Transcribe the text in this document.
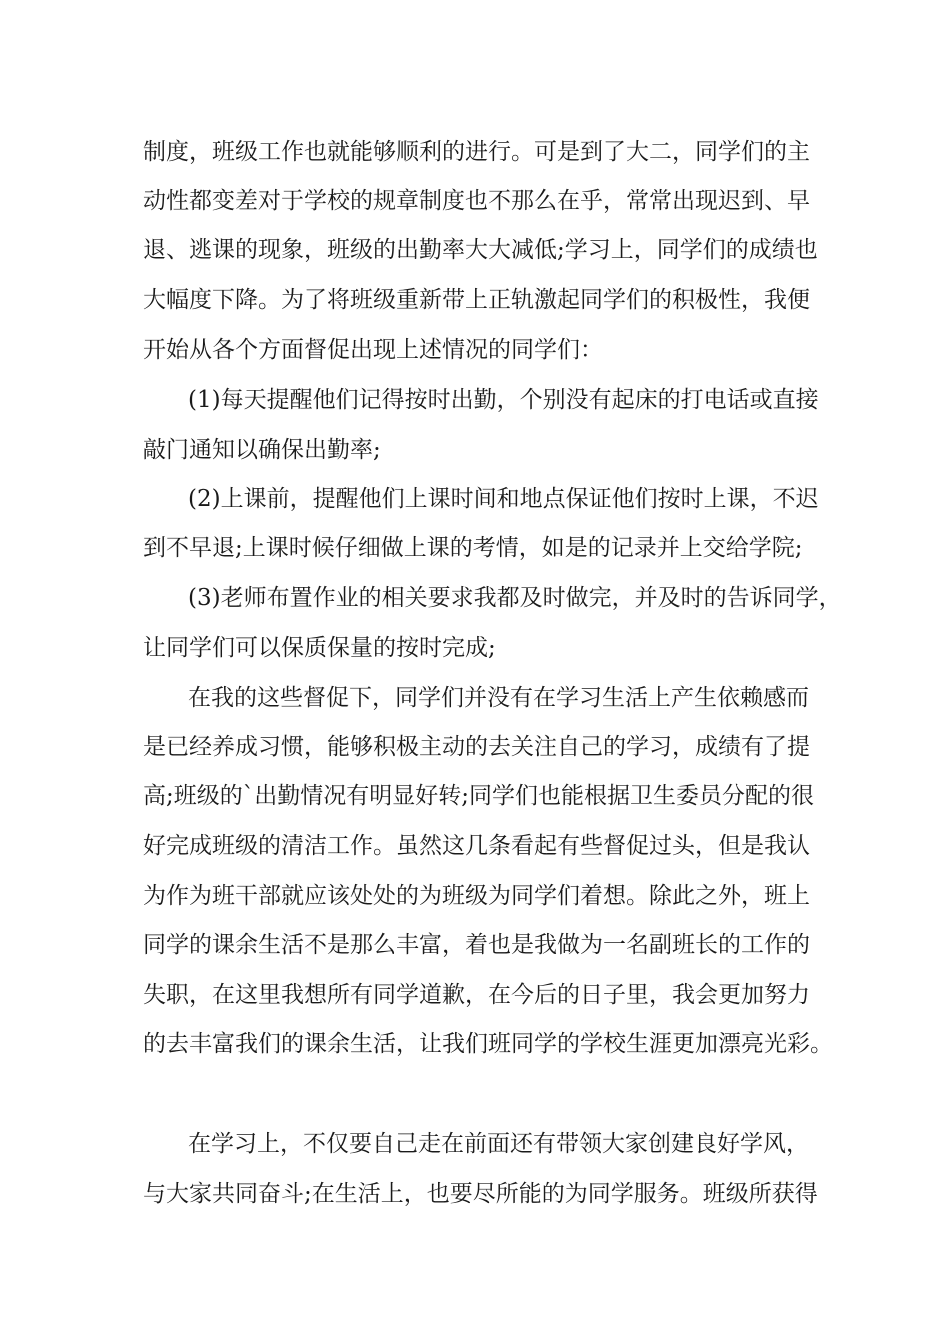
制度，班级工作也就能够顺利的进行。可是到了大二，同学们的主
动性都变差对于学校的规章制度也不那么在乎，常常出现迟到、早
退、逃课的现象，班级的出勤率大大减低;学习上，同学们的成绩也
大幅度下降。为了将班级重新带上正轨激起同学们的积极性，我便
开始从各个方面督促出现上述情况的同学们：
(1)每天提醒他们记得按时出勤，个别没有起床的打电话或直接
敲门通知以确保出勤率;
(2)上课前，提醒他们上课时间和地点保证他们按时上课，不迟
到不早退;上课时候仔细做上课的考情，如是的记录并上交给学院;
(3)老师布置作业的相关要求我都及时做完，并及时的告诉同学，
让同学们可以保质保量的按时完成;
在我的这些督促下，同学们并没有在学习生活上产生依赖感而
是已经养成习惯，能够积极主动的去关注自己的学习，成绩有了提
高;班级的`出勤情况有明显好转;同学们也能根据卫生委员分配的很
好完成班级的清洁工作。虽然这几条看起有些督促过头，但是我认
为作为班干部就应该处处的为班级为同学们着想。除此之外，班上
同学的课余生活不是那么丰富，着也是我做为一名副班长的工作的
失职，在这里我想所有同学道歉，在今后的日子里，我会更加努力
的去丰富我们的课余生活，让我们班同学的学校生涯更加漂亮光彩。
在学习上，不仅要自己走在前面还有带领大家创建良好学风，
与大家共同奋斗;在生活上，也要尽所能的为同学服务。班级所获得
